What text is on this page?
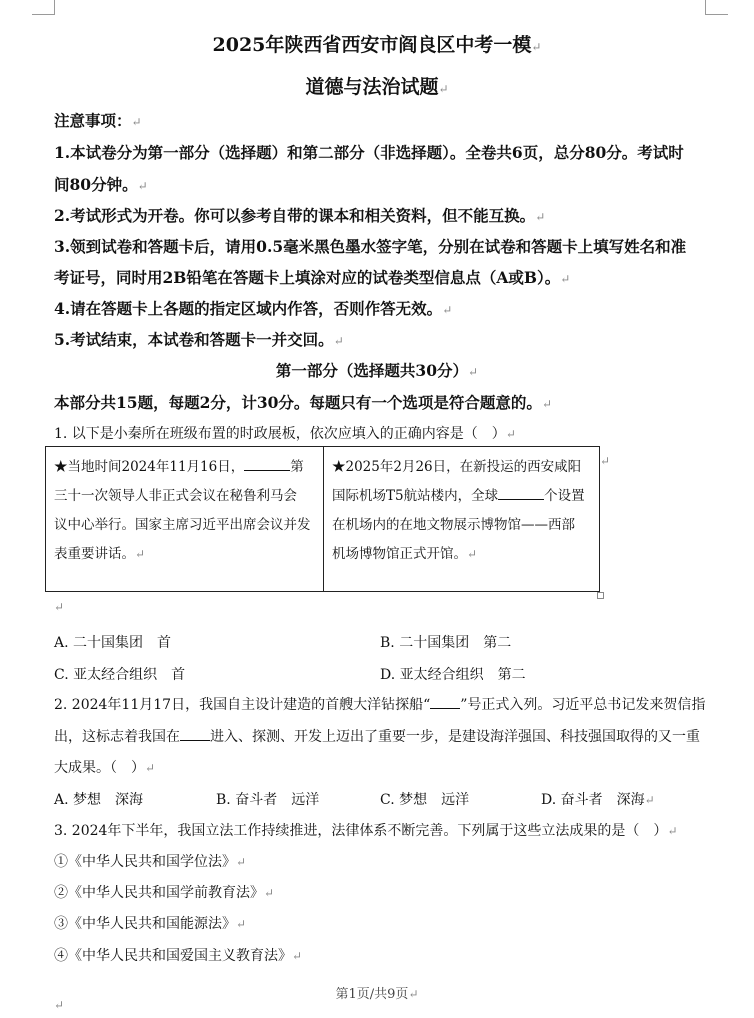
2025年陕西省西安市阎良区中考一模↵
道德与法治试题↵
注意事项：↵
1.本试卷分为第一部分（选择题）和第二部分（非选择题）。全卷共6页，总分80分。考试时
间80分钟。↵
2.考试形式为开卷。你可以参考自带的课本和相关资料，但不能互换。↵
3.领到试卷和答题卡后，请用0.5毫米黑色墨水签字笔，分别在试卷和答题卡上填写姓名和准
考证号，同时用2B铅笔在答题卡上填涂对应的试卷类型信息点（A或B）。↵
4.请在答题卡上各题的指定区域内作答，否则作答无效。↵
5.考试结束，本试卷和答题卡一并交回。↵
第一部分（选择题共30分）↵
本部分共15题，每题2分，计30分。每题只有一个选项是符合题意的。↵
1. 以下是小秦所在班级布置的时政展板，依次应填入的正确内容是（　）↵
★当地时间2024年11月16日，	第
三十一次领导人非正式会议在秘鲁利马会
议中心举行。国家主席习近平出席会议并发
表重要讲话。↵

★2025年2月26日，在新投运的西安咸阳
国际机场T5航站楼内，全球	个设置
在机场内的在地文物展示博物馆——西部
机场博物馆正式开馆。↵
↵
↵
A. 二十国集团　首	B. 二十国集团　第二
C. 亚太经合组织　首	D. 亚太经合组织　第二
2. 2024年11月17日，我国自主设计建造的首艘大洋钻探船“ ”号正式入列。习近平总书记发来贺信指
出，这标志着我国在 进入、探测、开发上迈出了重要一步，是建设海洋强国、科技强国取得的又一重
大成果。（　）↵
A. 梦想　深海	B. 奋斗者　远洋	C. 梦想　远洋	D. 奋斗者　深海↵
3. 2024年下半年，我国立法工作持续推进，法律体系不断完善。下列属于这些立法成果的是（　）↵
①《中华人民共和国学位法》↵
②《中华人民共和国学前教育法》↵
③《中华人民共和国能源法》↵
④《中华人民共和国爱国主义教育法》↵
第1页/共9页↵
↵
